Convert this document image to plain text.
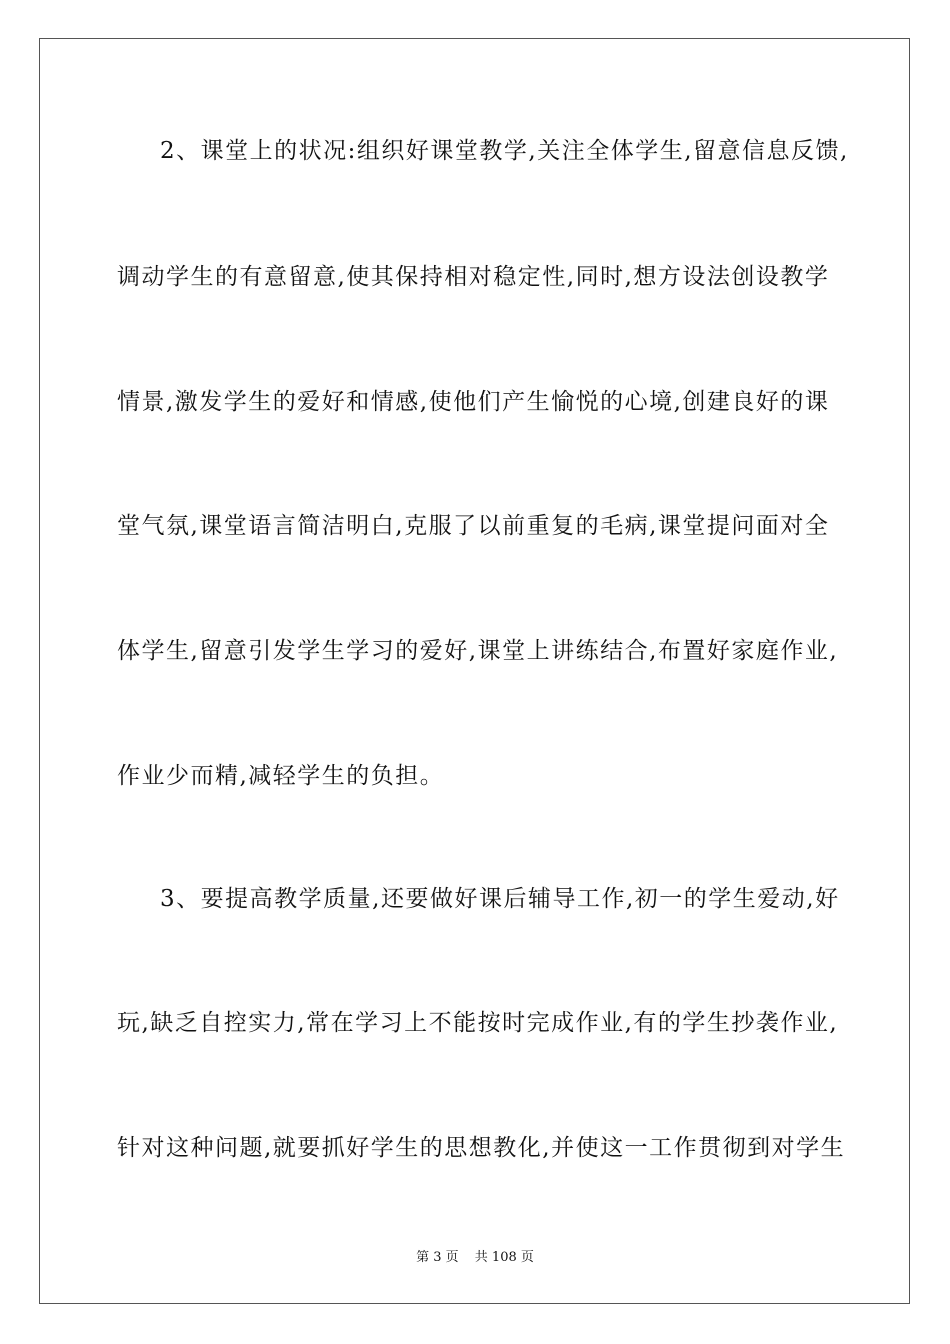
2、课堂上的状况:组织好课堂教学,关注全体学生,留意信息反馈,
调动学生的有意留意,使其保持相对稳定性,同时,想方设法创设教学
情景,激发学生的爱好和情感,使他们产生愉悦的心境,创建良好的课
堂气氛,课堂语言简洁明白,克服了以前重复的毛病,课堂提问面对全
体学生,留意引发学生学习的爱好,课堂上讲练结合,布置好家庭作业,
作业少而精,减轻学生的负担。
3、要提高教学质量,还要做好课后辅导工作,初一的学生爱动,好
玩,缺乏自控实力,常在学习上不能按时完成作业,有的学生抄袭作业,
针对这种问题,就要抓好学生的思想教化,并使这一工作贯彻到对学生
第 3 页 共 108 页
